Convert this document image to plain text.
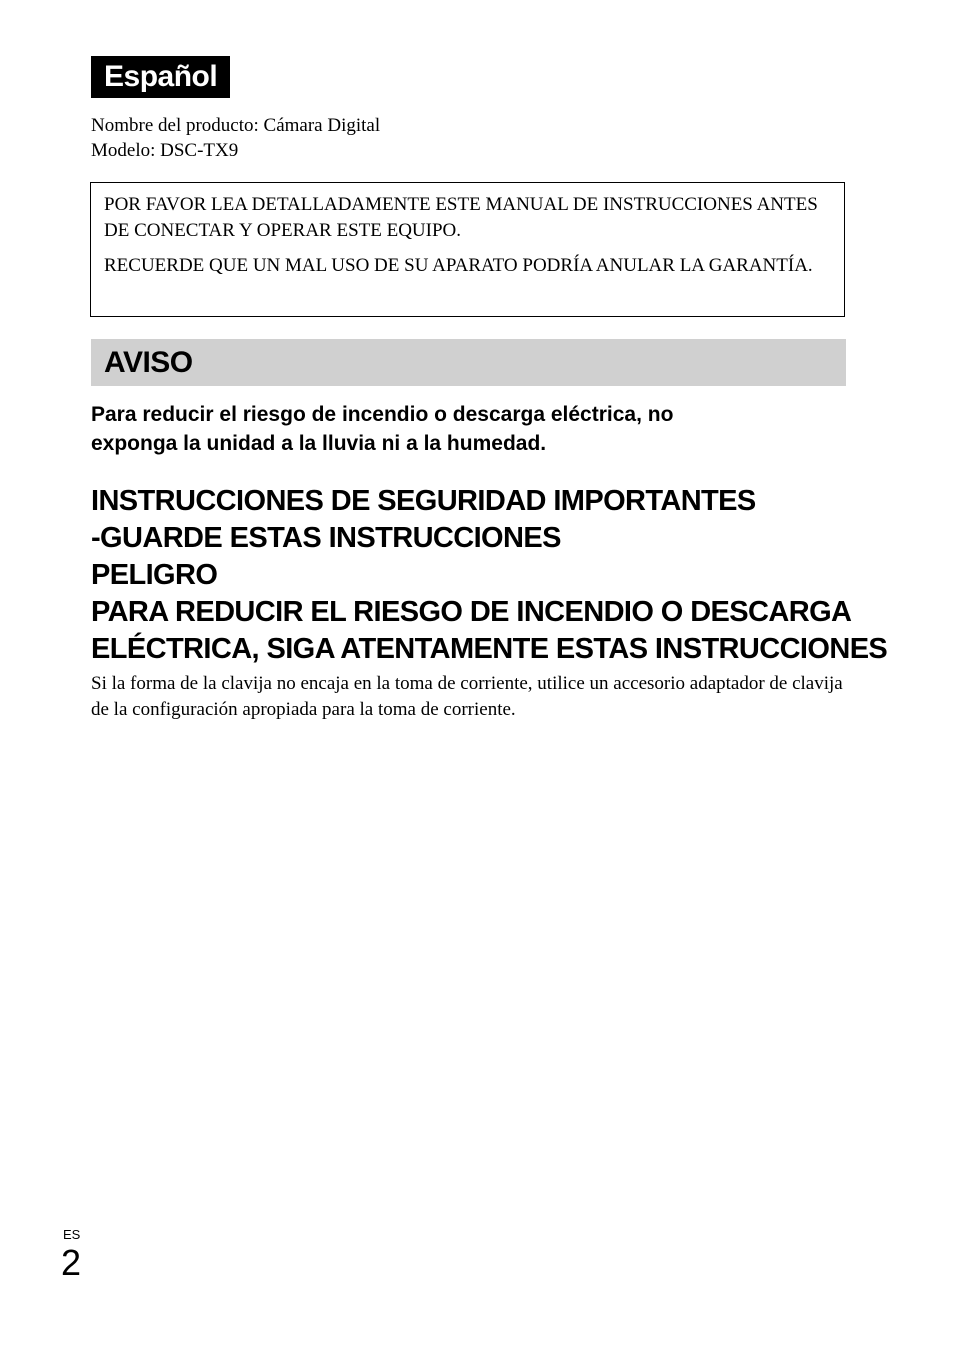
Español
Nombre del producto: Cámara Digital
Modelo: DSC-TX9

POR FAVOR LEA DETALLADAMENTE ESTE MANUAL DE INSTRUCCIONES ANTES DE CONECTAR Y OPERAR ESTE EQUIPO.

RECUERDE QUE UN MAL USO DE SU APARATO PODRÍA ANULAR LA GARANTÍA.

AVISO
Para reducir el riesgo de incendio o descarga eléctrica, no
exponga la unidad a la lluvia ni a la humedad.
INSTRUCCIONES DE SEGURIDAD IMPORTANTES
-GUARDE ESTAS INSTRUCCIONES
PELIGRO
PARA REDUCIR EL RIESGO DE INCENDIO O DESCARGA
ELÉCTRICA, SIGA ATENTAMENTE ESTAS INSTRUCCIONES
Si la forma de la clavija no encaja en la toma de corriente, utilice un accesorio adaptador de clavija de la configuración apropiada para la toma de corriente.
ES
2
